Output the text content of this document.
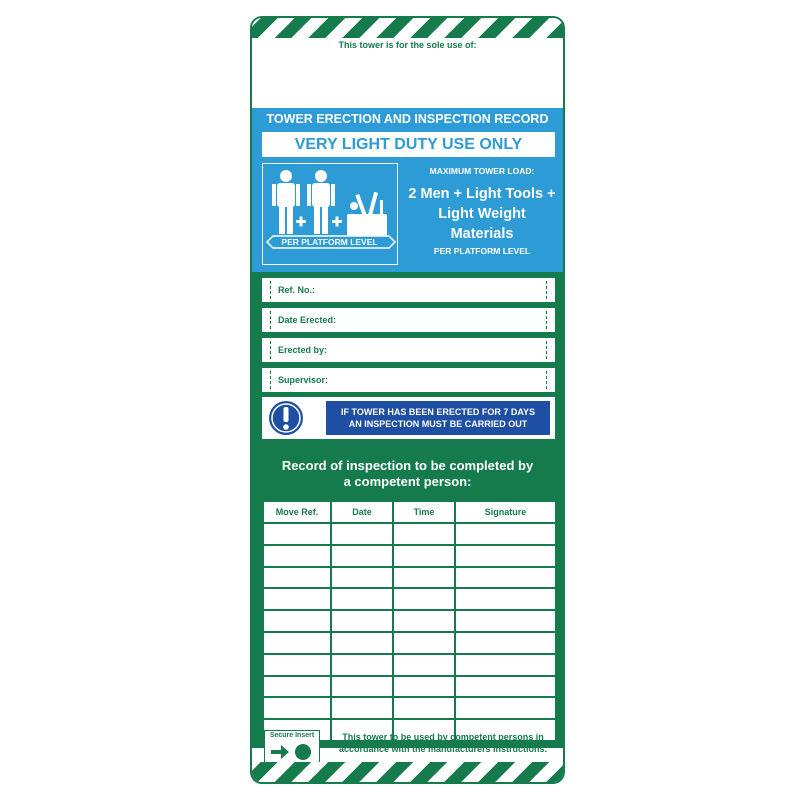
This tower is for the sole use of:
TOWER ERECTION AND INSPECTION RECORD
VERY LIGHT DUTY USE ONLY
PER PLATFORM LEVEL
MAXIMUM TOWER LOAD:
2 Men + Light Tools +
Light Weight
Materials
PER PLATFORM LEVEL
Ref. No.:
Date Erected:
Erected by:
Supervisor:
IF TOWER HAS BEEN ERECTED FOR 7 DAYS
AN INSPECTION MUST BE CARRIED OUT
Record of inspection to be completed by
a competent person:
Move Ref.	Date	Time	Signature

Secure Insert	This tower to be used by competent persons in
accordance with the manufacturers instructions.
